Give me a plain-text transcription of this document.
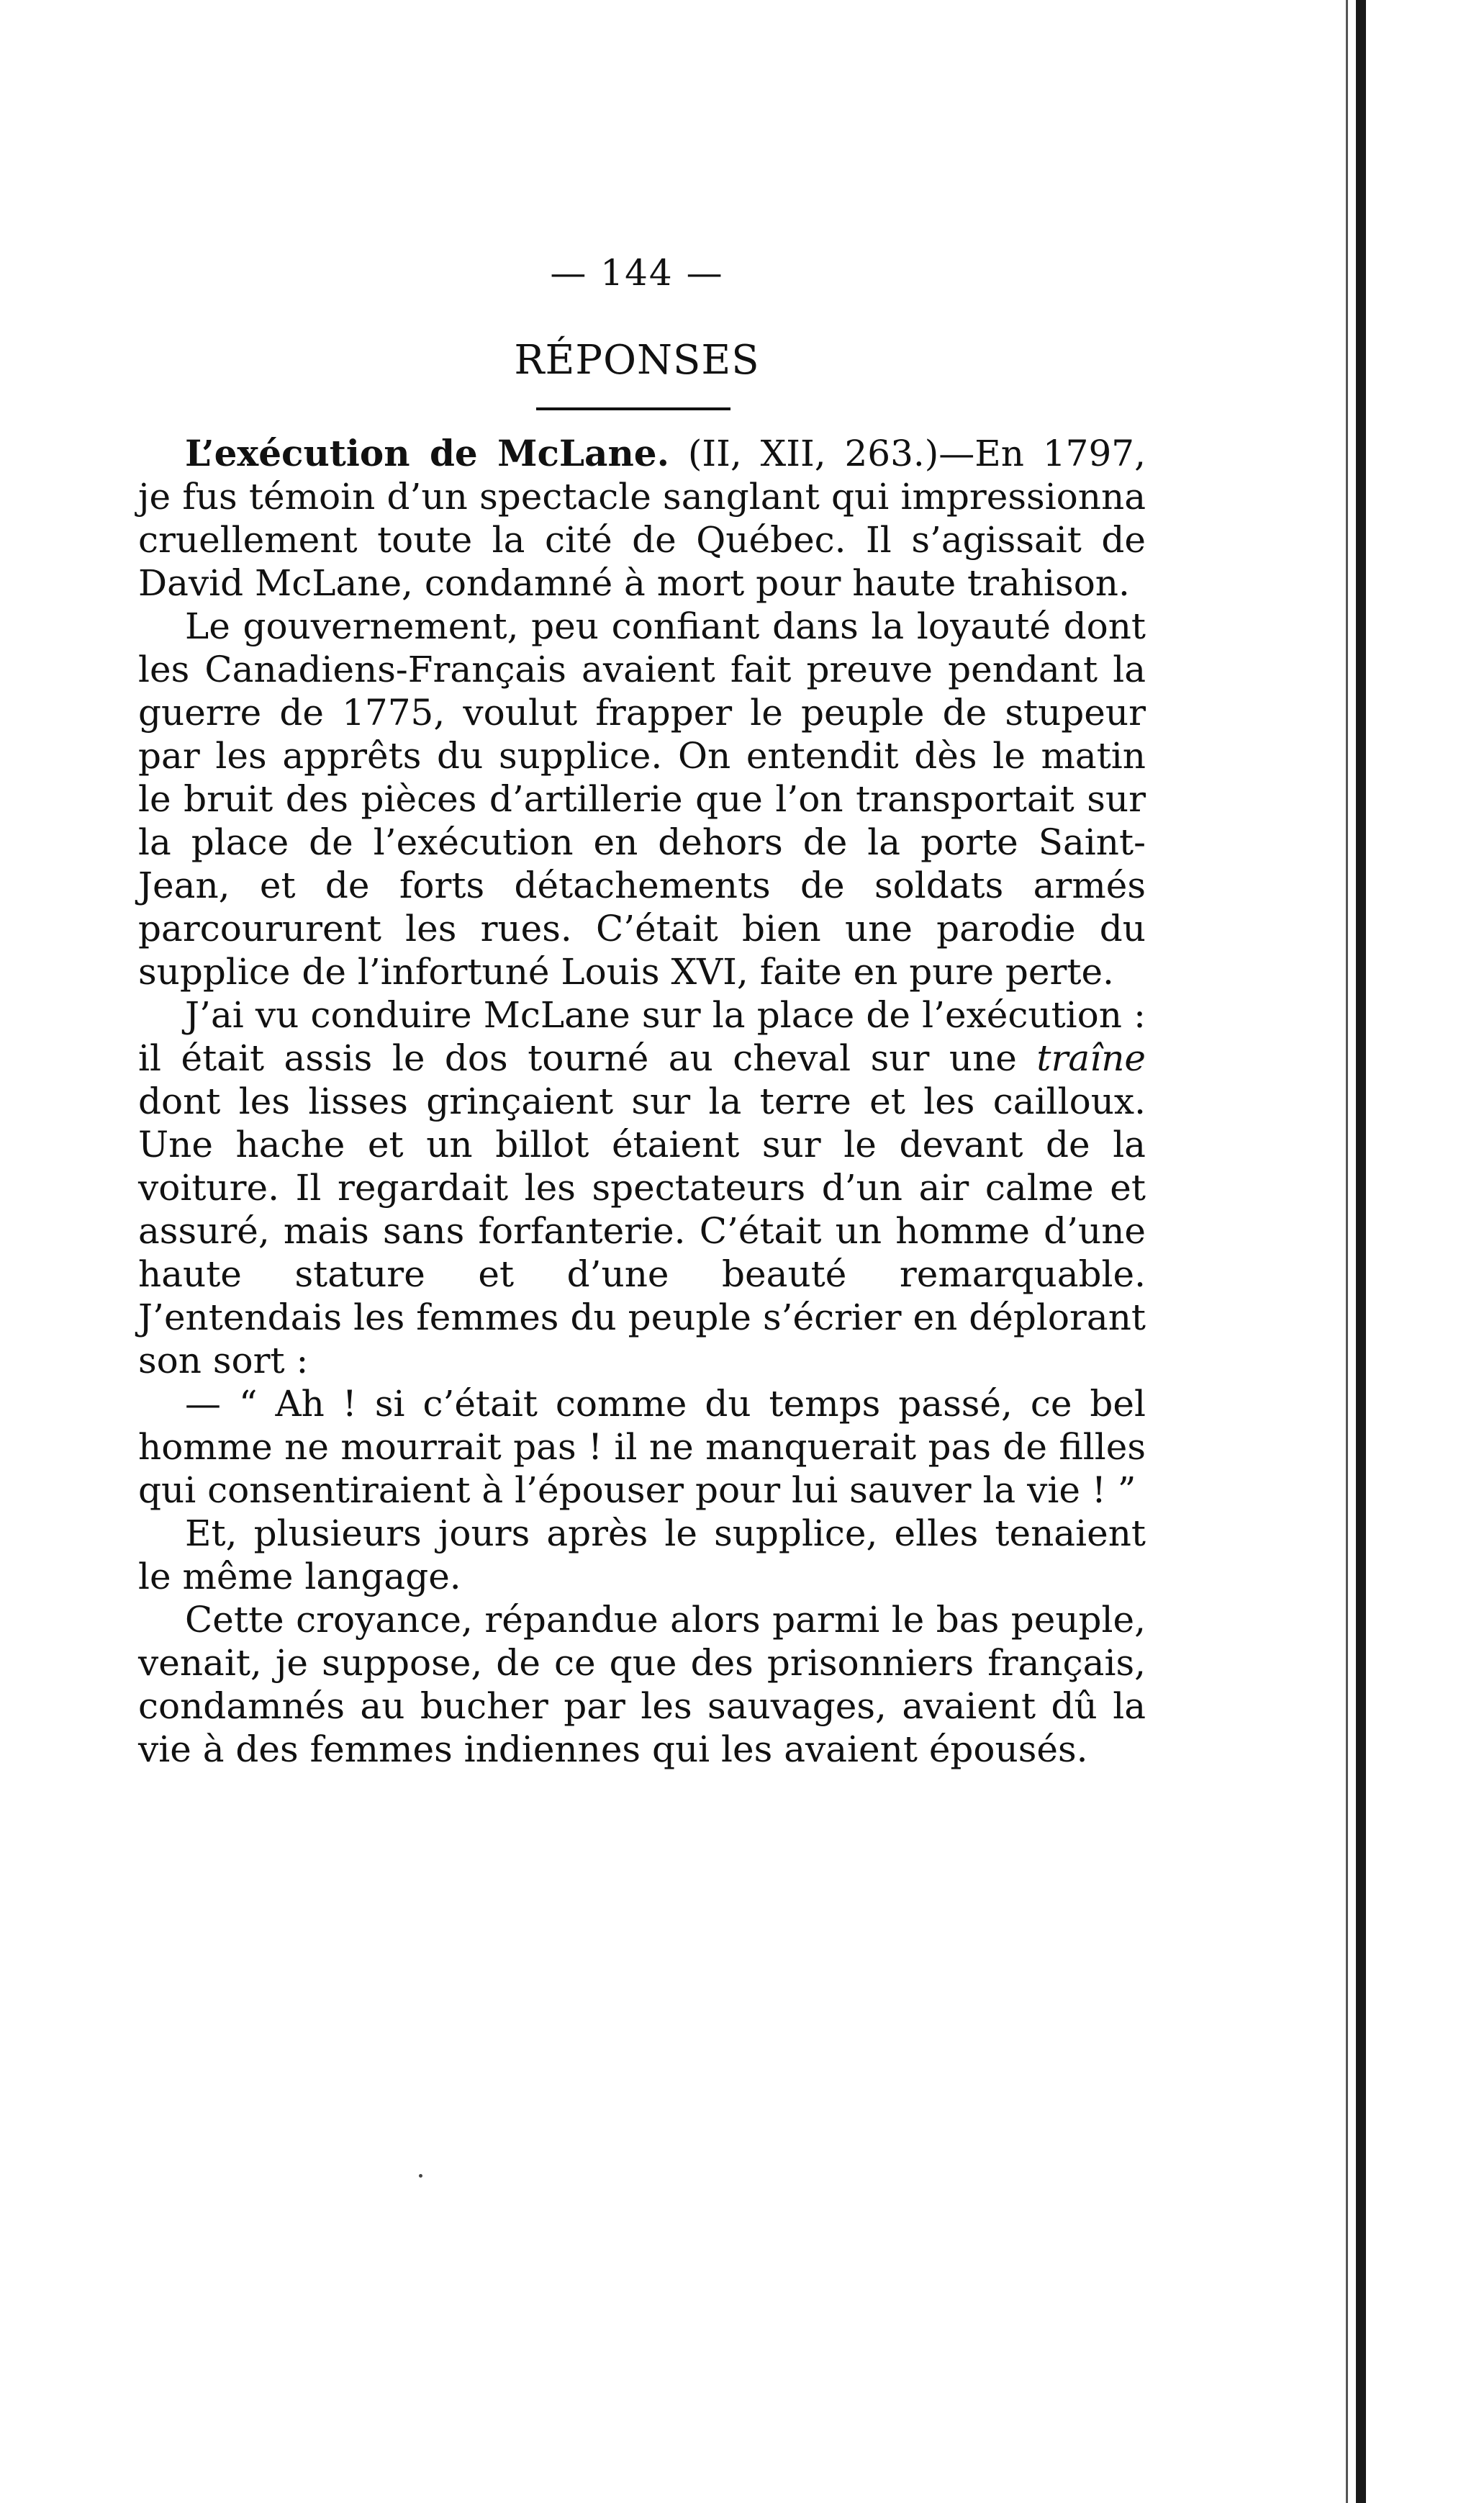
— 144 —
RÉPONSES

L’exécution de McLane. (II, XII, 263.)—En 1797, je fus témoin d’un spectacle sanglant qui impressionna cruellement toute la cité de Québec. Il s’agissait de David McLane, condamné à mort pour haute trahison.

Le gouvernement, peu confiant dans la loyauté dont les Canadiens-Français avaient fait preuve pendant la guerre de 1775, voulut frapper le peuple de stupeur par les apprêts du supplice. On entendit dès le matin le bruit des pièces d’artillerie que l’on transportait sur la place de l’exécution en dehors de la porte Saint-Jean, et de forts détachements de soldats armés parcoururent les rues. C’était bien une parodie du supplice de l’infortuné Louis XVI, faite en pure perte.

J’ai vu conduire McLane sur la place de l’exécution : il était assis le dos tourné au cheval sur une traîne dont les lisses grinçaient sur la terre et les cailloux. Une hache et un billot étaient sur le devant de la voiture. Il regardait les spectateurs d’un air calme et assuré, mais sans forfanterie. C’était un homme d’une haute stature et d’une beauté remarquable. J’entendais les femmes du peuple s’écrier en déplorant son sort :

— “ Ah ! si c’était comme du temps passé, ce bel homme ne mourrait pas ! il ne manquerait pas de filles qui consentiraient à l’épouser pour lui sauver la vie ! ”

Et, plusieurs jours après le supplice, elles tenaient le même langage.

Cette croyance, répandue alors parmi le bas peuple, venait, je suppose, de ce que des prisonniers français, condamnés au bucher par les sauvages, avaient dû la vie à des femmes indiennes qui les avaient épousés.
